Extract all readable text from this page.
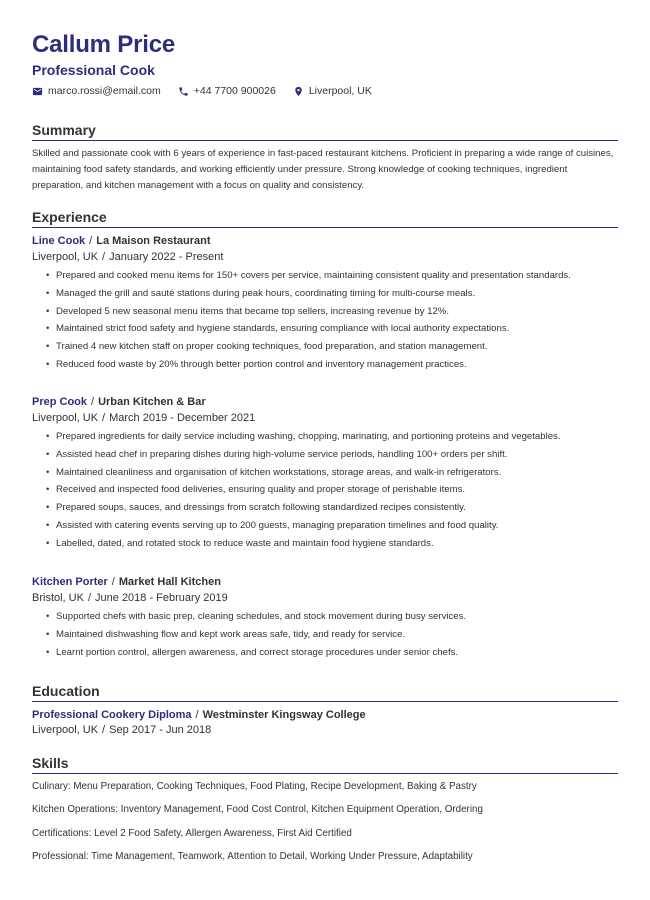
Callum Price
Professional Cook
marco.rossi@email.com	+44 7700 900026	Liverpool, UK
Summary
Skilled and passionate cook with 6 years of experience in fast-paced restaurant kitchens. Proficient in preparing a wide range of cuisines, maintaining food safety standards, and working efficiently under pressure. Strong knowledge of cooking techniques, ingredient preparation, and kitchen management with a focus on quality and consistency.
Experience
Line Cook / La Maison Restaurant
Liverpool, UK / January 2022 - Present
• Prepared and cooked menu items for 150+ covers per service, maintaining consistent quality and presentation standards.
• Managed the grill and sauté stations during peak hours, coordinating timing for multi-course meals.
• Developed 5 new seasonal menu items that became top sellers, increasing revenue by 12%.
• Maintained strict food safety and hygiene standards, ensuring compliance with local authority expectations.
• Trained 4 new kitchen staff on proper cooking techniques, food preparation, and station management.
• Reduced food waste by 20% through better portion control and inventory management practices.
Prep Cook / Urban Kitchen & Bar
Liverpool, UK / March 2019 - December 2021
• Prepared ingredients for daily service including washing, chopping, marinating, and portioning proteins and vegetables.
• Assisted head chef in preparing dishes during high-volume service periods, handling 100+ orders per shift.
• Maintained cleanliness and organisation of kitchen workstations, storage areas, and walk-in refrigerators.
• Received and inspected food deliveries, ensuring quality and proper storage of perishable items.
• Prepared soups, sauces, and dressings from scratch following standardized recipes consistently.
• Assisted with catering events serving up to 200 guests, managing preparation timelines and food quality.
• Labelled, dated, and rotated stock to reduce waste and maintain food hygiene standards.
Kitchen Porter / Market Hall Kitchen
Bristol, UK / June 2018 - February 2019
• Supported chefs with basic prep, cleaning schedules, and stock movement during busy services.
• Maintained dishwashing flow and kept work areas safe, tidy, and ready for service.
• Learnt portion control, allergen awareness, and correct storage procedures under senior chefs.
Education
Professional Cookery Diploma / Westminster Kingsway College
Liverpool, UK / Sep 2017 - Jun 2018
Skills
Culinary: Menu Preparation, Cooking Techniques, Food Plating, Recipe Development, Baking & Pastry
Kitchen Operations: Inventory Management, Food Cost Control, Kitchen Equipment Operation, Ordering
Certifications: Level 2 Food Safety, Allergen Awareness, First Aid Certified
Professional: Time Management, Teamwork, Attention to Detail, Working Under Pressure, Adaptability
